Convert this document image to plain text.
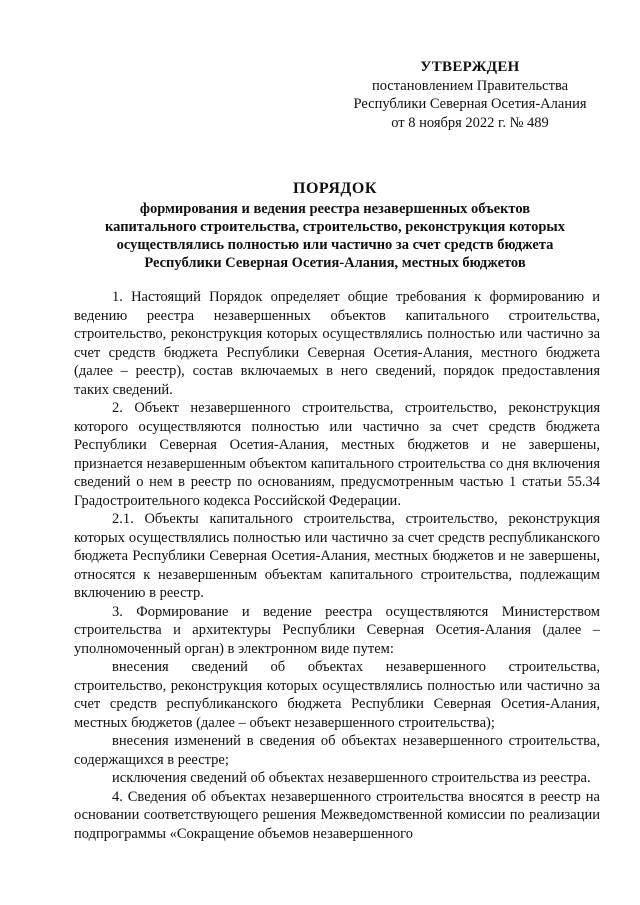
УТВЕРЖДЕН
постановлением Правительства
Республики Северная Осетия-Алания
от 8 ноября 2022 г. № 489
ПОРЯДОК
формирования и ведения реестра незавершенных объектов
капитального строительства, строительство, реконструкция которых
осуществлялись полностью или частично за счет средств бюджета
Республики Северная Осетия-Алания, местных бюджетов

1. Настоящий Порядок определяет общие требования к формированию и ведению реестра незавершенных объектов капитального строительства, строительство, реконструкция которых осуществлялись полностью или частично за счет средств бюджета Республики Северная Осетия-Алания, местного бюджета (далее – реестр), состав включаемых в него сведений, порядок предоставления таких сведений.

2. Объект незавершенного строительства, строительство, реконструкция которого осуществляются полностью или частично за счет средств бюджета Республики Северная Осетия-Алания, местных бюджетов и не завершены, признается незавершенным объектом капитального строительства со дня включения сведений о нем в реестр по основаниям, предусмотренным частью 1 статьи 55.34 Градостроительного кодекса Российской Федерации.

2.1. Объекты капитального строительства, строительство, реконструкция которых осуществлялись полностью или частично за счет средств республиканского бюджета Республики Северная Осетия-Алания, местных бюджетов и не завершены, относятся к незавершенным объектам капитального строительства, подлежащим включению в реестр.

3. Формирование и ведение реестра осуществляются Министерством строительства и архитектуры Республики Северная Осетия-Алания (далее – уполномоченный орган) в электронном виде путем:

внесения сведений об объектах незавершенного строительства, строительство, реконструкция которых осуществлялись полностью или частично за счет средств республиканского бюджета Республики Северная Осетия-Алания, местных бюджетов (далее – объект незавершенного строительства);

внесения изменений в сведения об объектах незавершенного строительства, содержащихся в реестре;

исключения сведений об объектах незавершенного строительства из реестра.

4. Сведения об объектах незавершенного строительства вносятся в реестр на основании соответствующего решения Межведомственной комиссии по реализации подпрограммы «Сокращение объемов незавершенного
